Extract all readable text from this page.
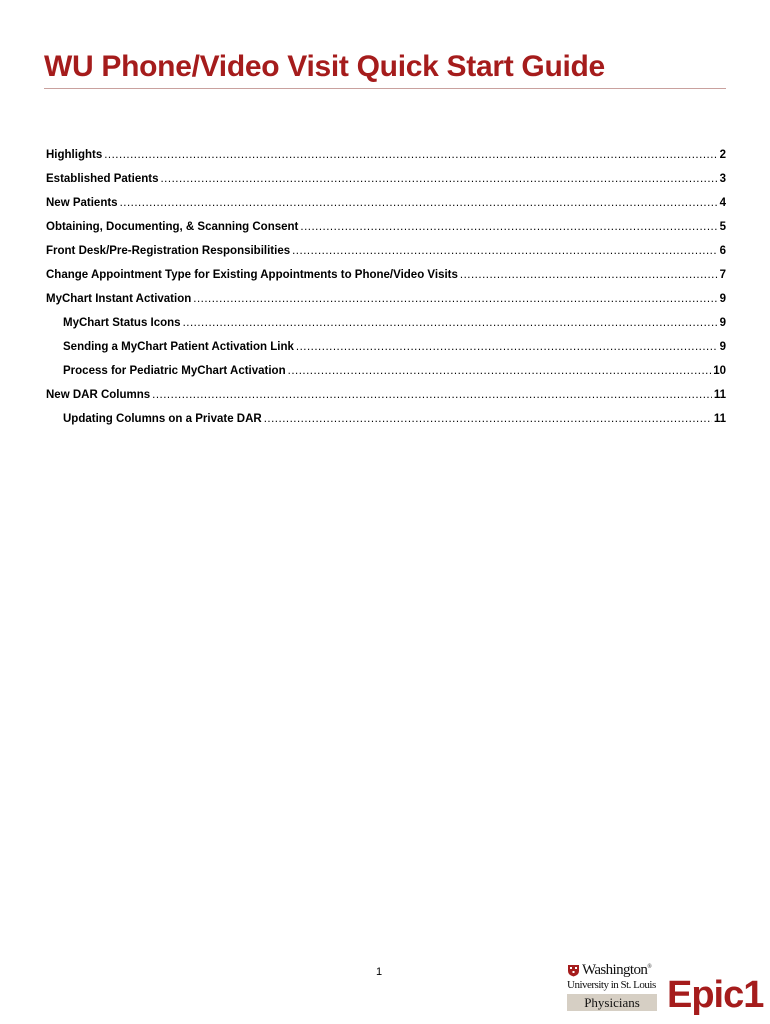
WU Phone/Video Visit Quick Start Guide
Highlights .....	2
Established Patients .....	3
New Patients .....	4
Obtaining, Documenting, & Scanning Consent .....	5
Front Desk/Pre-Registration Responsibilities .....	6
Change Appointment Type for Existing Appointments to Phone/Video Visits .....	7
MyChart Instant Activation .....	9
MyChart Status Icons .....	9
Sending a MyChart Patient Activation Link .....	9
Process for Pediatric MyChart Activation .....	10
New DAR Columns .....	11
Updating Columns on a Private DAR .....	11
1	Washington®
University in St. Louis
Physicians Epic1
